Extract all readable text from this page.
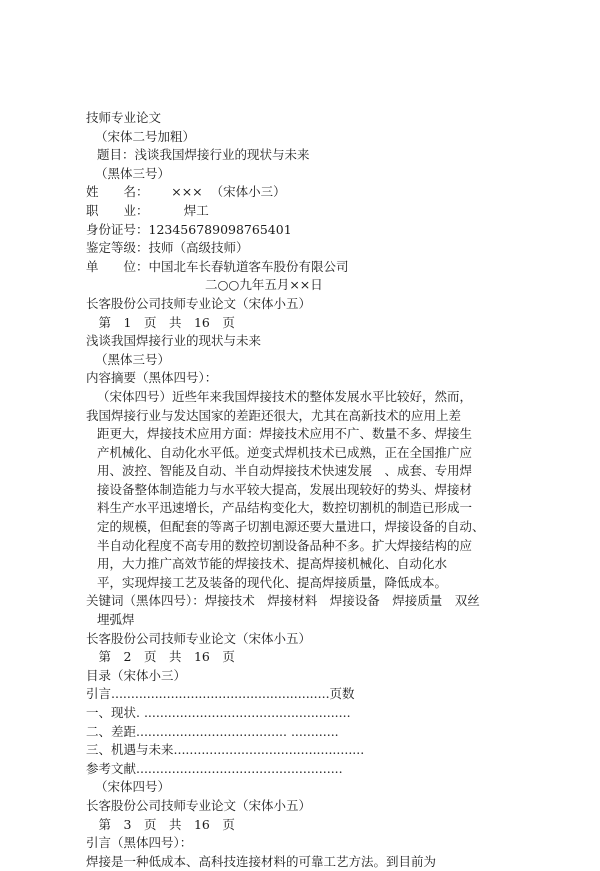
技师专业论文
（宋体二号加粗）
题目：浅谈我国焊接行业的现状与未来
（黑体三号）
姓　　名：　　 ×××  （宋体小三）
职　　业：　　　 焊工
身份证号：123456789098765401
鉴定等级：技师（高级技师）
单　　位：中国北车长春轨道客车股份有限公司
二○○九年五月××日
长客股份公司技师专业论文（宋体小五）
　第　1　页　共　16　页
浅谈我国焊接行业的现状与未来
（黑体三号）
内容摘要（黑体四号）：
（宋体四号）近些年来我国焊接技术的整体发展水平比较好，然而，
我国焊接行业与发达国家的差距还很大，尤其在高新技术的应用上差
距更大，焊接技术应用方面：焊接技术应用不广、数量不多、焊接生
产机械化、自动化水平低。逆变式焊机技术已成熟，正在全国推广应
用、波控、智能及自动、半自动焊接技术快速发展　、成套、专用焊
接设备整体制造能力与水平较大提高，发展出现较好的势头、焊接材
料生产水平迅速增长，产品结构变化大，数控切割机的制造已形成一
定的规模，但配套的等离子切割电源还要大量进口，焊接设备的自动、
半自动化程度不高专用的数控切割设备品种不多。扩大焊接结构的应
用，大力推广高效节能的焊接技术、提高焊接机械化、自动化水
平，实现焊接工艺及装备的现代化、提高焊接质量，降低成本。
关键词（黑体四号）：焊接技术　焊接材料　焊接设备　焊接质量　双丝
埋弧焊
长客股份公司技师专业论文（宋体小五）
　第　2　页　共　16　页
目录（宋体小三）
引言.......................................................页数
一、现状. ....................................................
二、差距...................................... ............
三、机遇与未来................................................
参考文献....................................................
（宋体四号）
长客股份公司技师专业论文（宋体小五）
　第　3　页　共　16　页
引言（黑体四号）：
焊接是一种低成本、高科技连接材料的可靠工艺方法。到目前为
